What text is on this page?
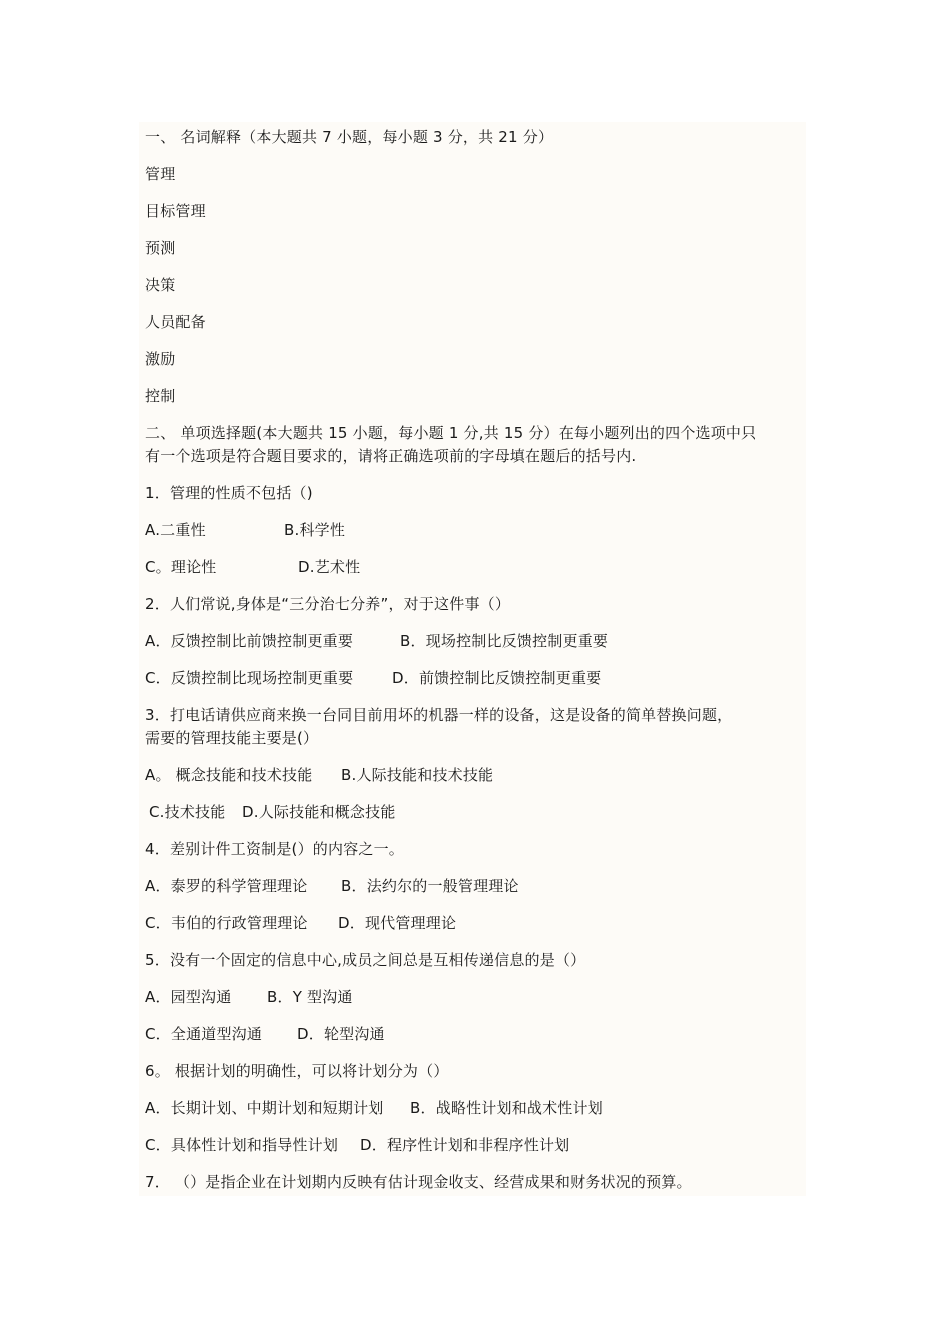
一、 名词解释（本大题共 7 小题，每小题 3 分，共 21 分）
管理
目标管理
预测
决策
人员配备
激励
控制
二、 单项选择题(本大题共 15 小题，每小题 1 分,共 15 分）在每小题列出的四个选项中只
有一个选项是符合题目要求的，请将正确选项前的字母填在题后的括号内.
1．管理的性质不包括（)
A.二重性	B.科学性
C。理论性	D.艺术性
2．人们常说,身体是“三分治七分养”，对于这件事（）
A．反馈控制比前馈控制更重要	B．现场控制比反馈控制更重要
C．反馈控制比现场控制更重要	D．前馈控制比反馈控制更重要
3．打电话请供应商来换一台同目前用坏的机器一样的设备，这是设备的简单替换问题，
需要的管理技能主要是(）
A。 概念技能和技术技能 B.人际技能和技术技能
C.技术技能 D.人际技能和概念技能
4．差别计件工资制是(）的内容之一。
A．泰罗的科学管理理论 B．法约尔的一般管理理论
C．韦伯的行政管理理论 D．现代管理理论
5．没有一个固定的信息中心,成员之间总是互相传递信息的是（）
A．园型沟通 B．Y 型沟通
C．全通道型沟通 D．轮型沟通
6。 根据计划的明确性，可以将计划分为（）
A．长期计划、中期计划和短期计划 B．战略性计划和战术性计划
C．具体性计划和指导性计划 D．程序性计划和非程序性计划
7． （）是指企业在计划期内反映有估计现金收支、经营成果和财务状况的预算。
